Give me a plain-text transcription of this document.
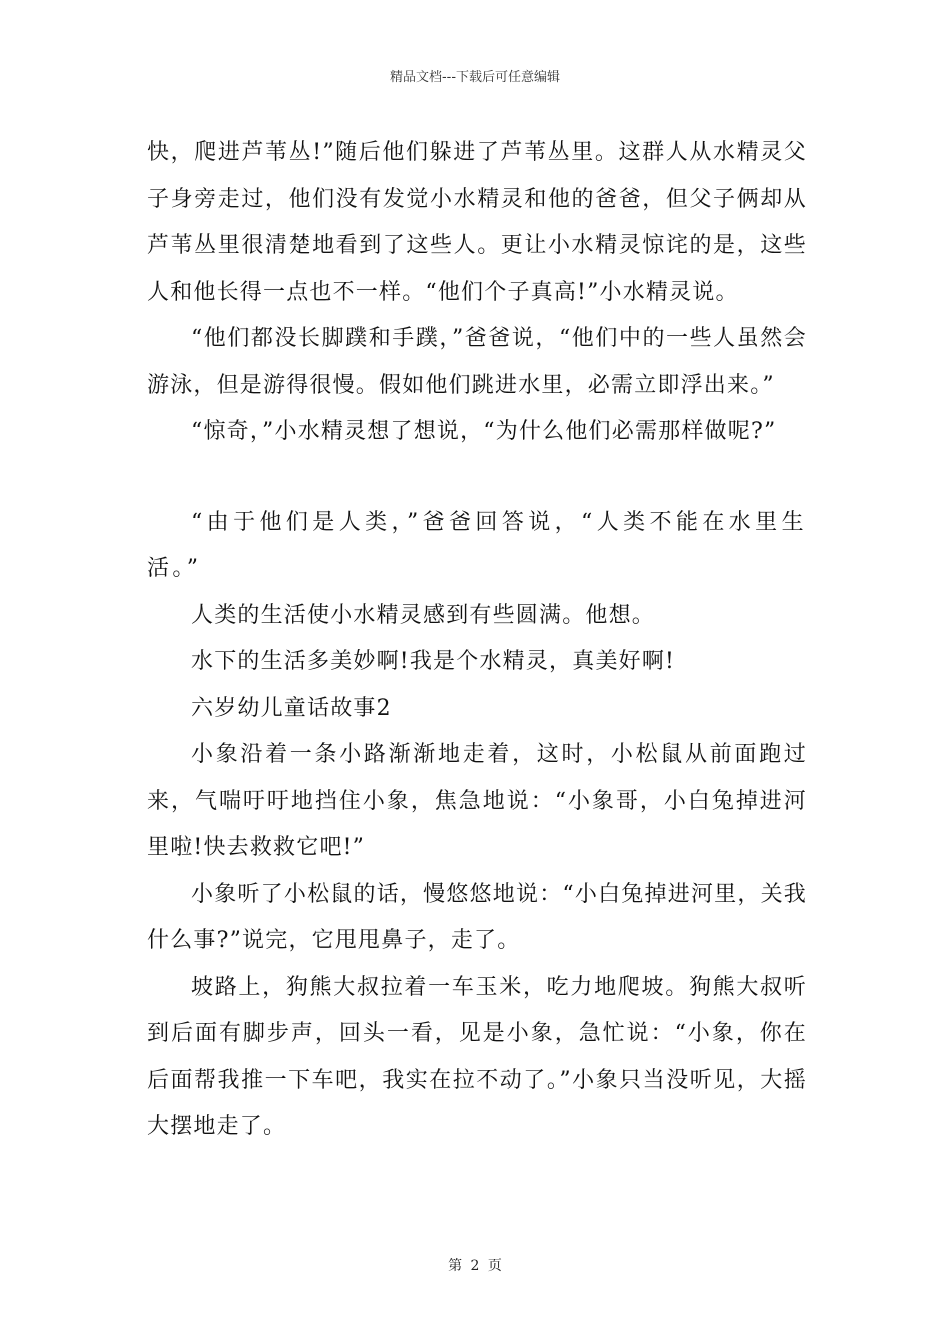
精品文档---下载后可任意编辑

快，爬进芦苇丛!”随后他们躲进了芦苇丛里。这群人从水精灵父子身旁走过，他们没有发觉小水精灵和他的爸爸，但父子俩却从芦苇丛里很清楚地看到了这些人。更让小水精灵惊诧的是，这些人和他长得一点也不一样。“他们个子真高!”小水精灵说。

“他们都没长脚蹼和手蹼，”爸爸说，“他们中的一些人虽然会游泳，但是游得很慢。假如他们跳进水里，必需立即浮出来。”

“惊奇，”小水精灵想了想说，“为什么他们必需那样做呢?”

“由于他们是人类，”爸爸回答说，“人类不能在水里生活。”

人类的生活使小水精灵感到有些圆满。他想。

水下的生活多美妙啊!我是个水精灵，真美好啊!

六岁幼儿童话故事2

小象沿着一条小路渐渐地走着，这时，小松鼠从前面跑过来，气喘吁吁地挡住小象，焦急地说：“小象哥，小白兔掉进河里啦!快去救救它吧!”

小象听了小松鼠的话，慢悠悠地说：“小白兔掉进河里，关我什么事?”说完，它甩甩鼻子，走了。

坡路上，狗熊大叔拉着一车玉米，吃力地爬坡。狗熊大叔听到后面有脚步声，回头一看，见是小象，急忙说：“小象，你在后面帮我推一下车吧，我实在拉不动了。”小象只当没听见，大摇大摆地走了。

第 2 页
